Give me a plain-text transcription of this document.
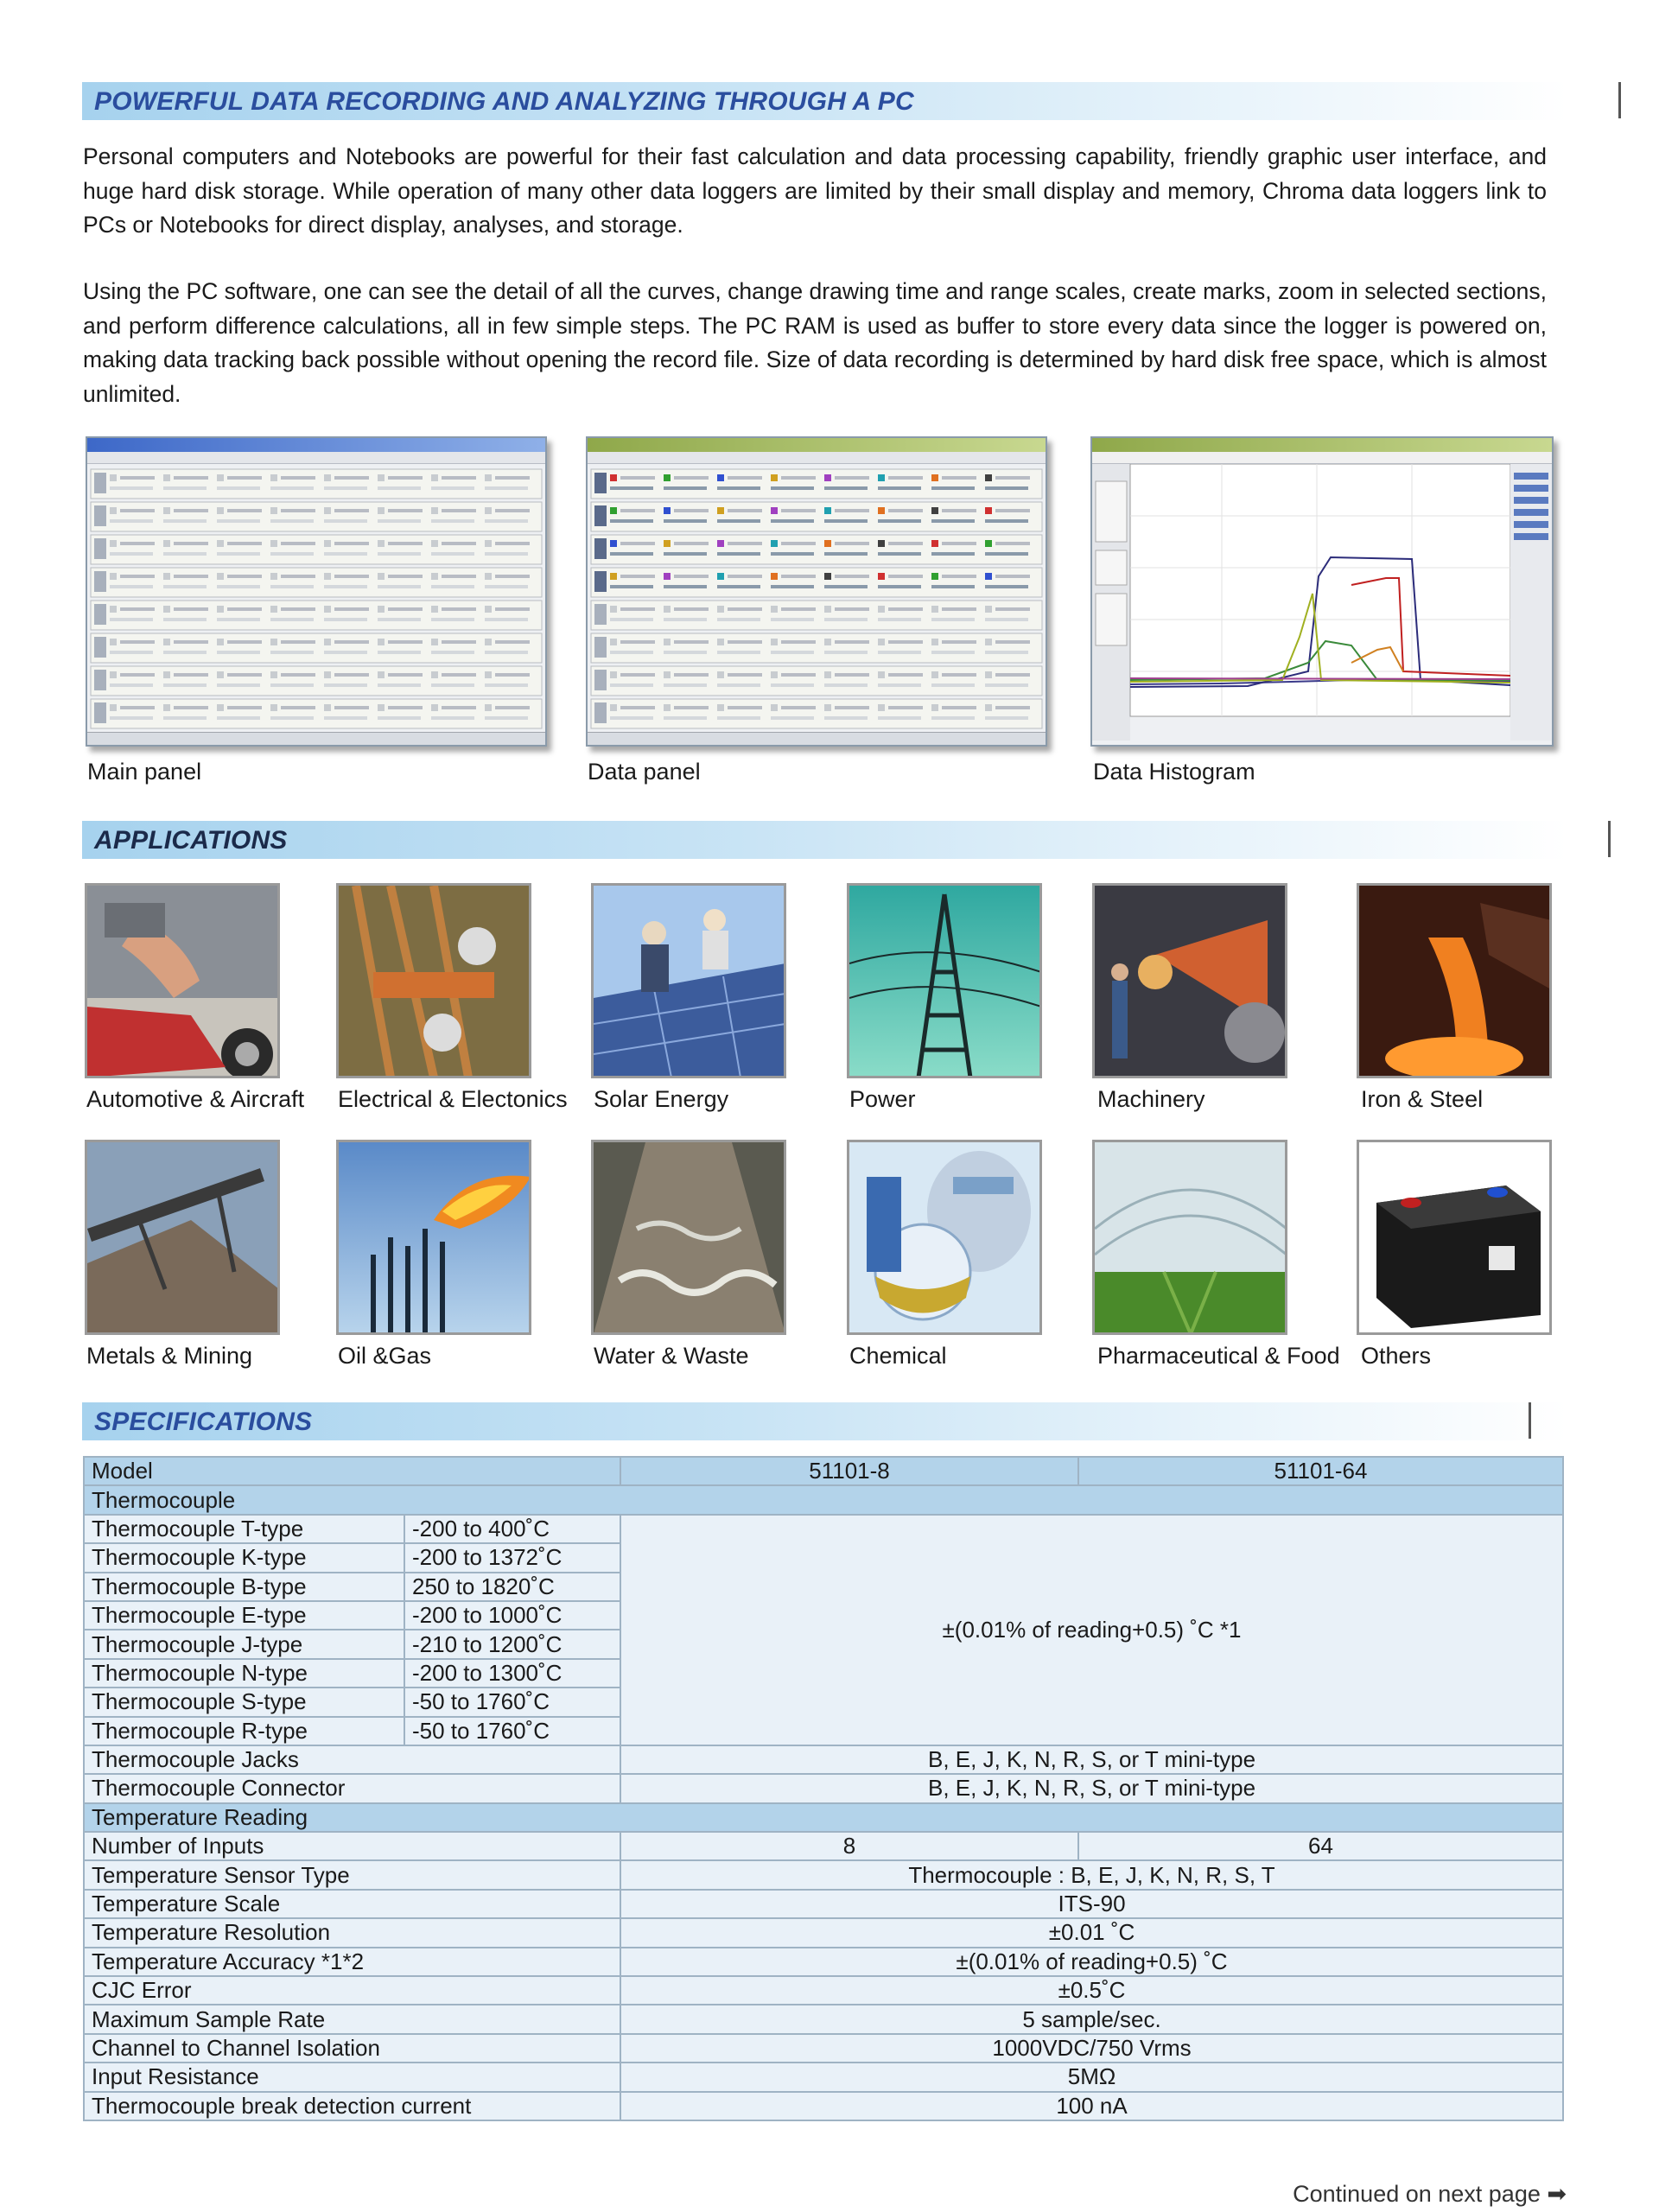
POWERFUL DATA RECORDING AND ANALYZING THROUGH A PC

Personal computers and Notebooks are powerful for their fast calculation and data processing capability, friendly graphic user interface, and huge hard disk storage. While operation of many other data loggers are limited by their small display and memory, Chroma data loggers link to PCs or Notebooks for direct display, analyses, and storage.

Using the PC software, one can see the detail of all the curves, change drawing time and range scales, create marks, zoom in selected sections, and perform difference calculations, all in few simple steps. The PC RAM is used as buffer to store every data since the logger is powered on, making data tracking back possible without opening the record file. Size of data recording is determined by hard disk free space, which is almost unlimited.

Main panel	Data panel	Data Histogram
APPLICATIONS
Automotive & Aircraft Electrical & Electonics Solar Energy	Power	Machinery	Iron & Steel
Metals & Mining	Oil &Gas	Water & Waste	Chemical	Pharmaceutical & Food Others
SPECIFICATIONS
Model		51101-8	51101-64
Thermocouple			
Thermocouple T-type	-200 to 400˚C	±(0.01% of reading+0.5) ˚C *1	
Thermocouple K-type	-200 to 1372˚C		
Thermocouple B-type	250 to 1820˚C		
Thermocouple E-type	-200 to 1000˚C		
Thermocouple J-type	-210 to 1200˚C		
Thermocouple N-type	-200 to 1300˚C		
Thermocouple S-type	-50 to 1760˚C		
Thermocouple R-type	-50 to 1760˚C		
Thermocouple Jacks		B, E, J, K, N, R, S, or T mini-type	
Thermocouple Connector		B, E, J, K, N, R, S, or T mini-type	
Temperature Reading			
Number of Inputs		8	64
Temperature Sensor Type		Thermocouple : B, E, J, K, N, R, S, T	
Temperature Scale		ITS-90	
Temperature Resolution		±0.01 ˚C	
Temperature Accuracy *1*2		±(0.01% of reading+0.5) ˚C	
CJC Error		±0.5˚C	
Maximum Sample Rate		5 sample/sec.	
Channel to Channel Isolation		1000VDC/750 Vrms	
Input Resistance		5MΩ	
Thermocouple break detection current		100 nA	
Continued on next page ➡
